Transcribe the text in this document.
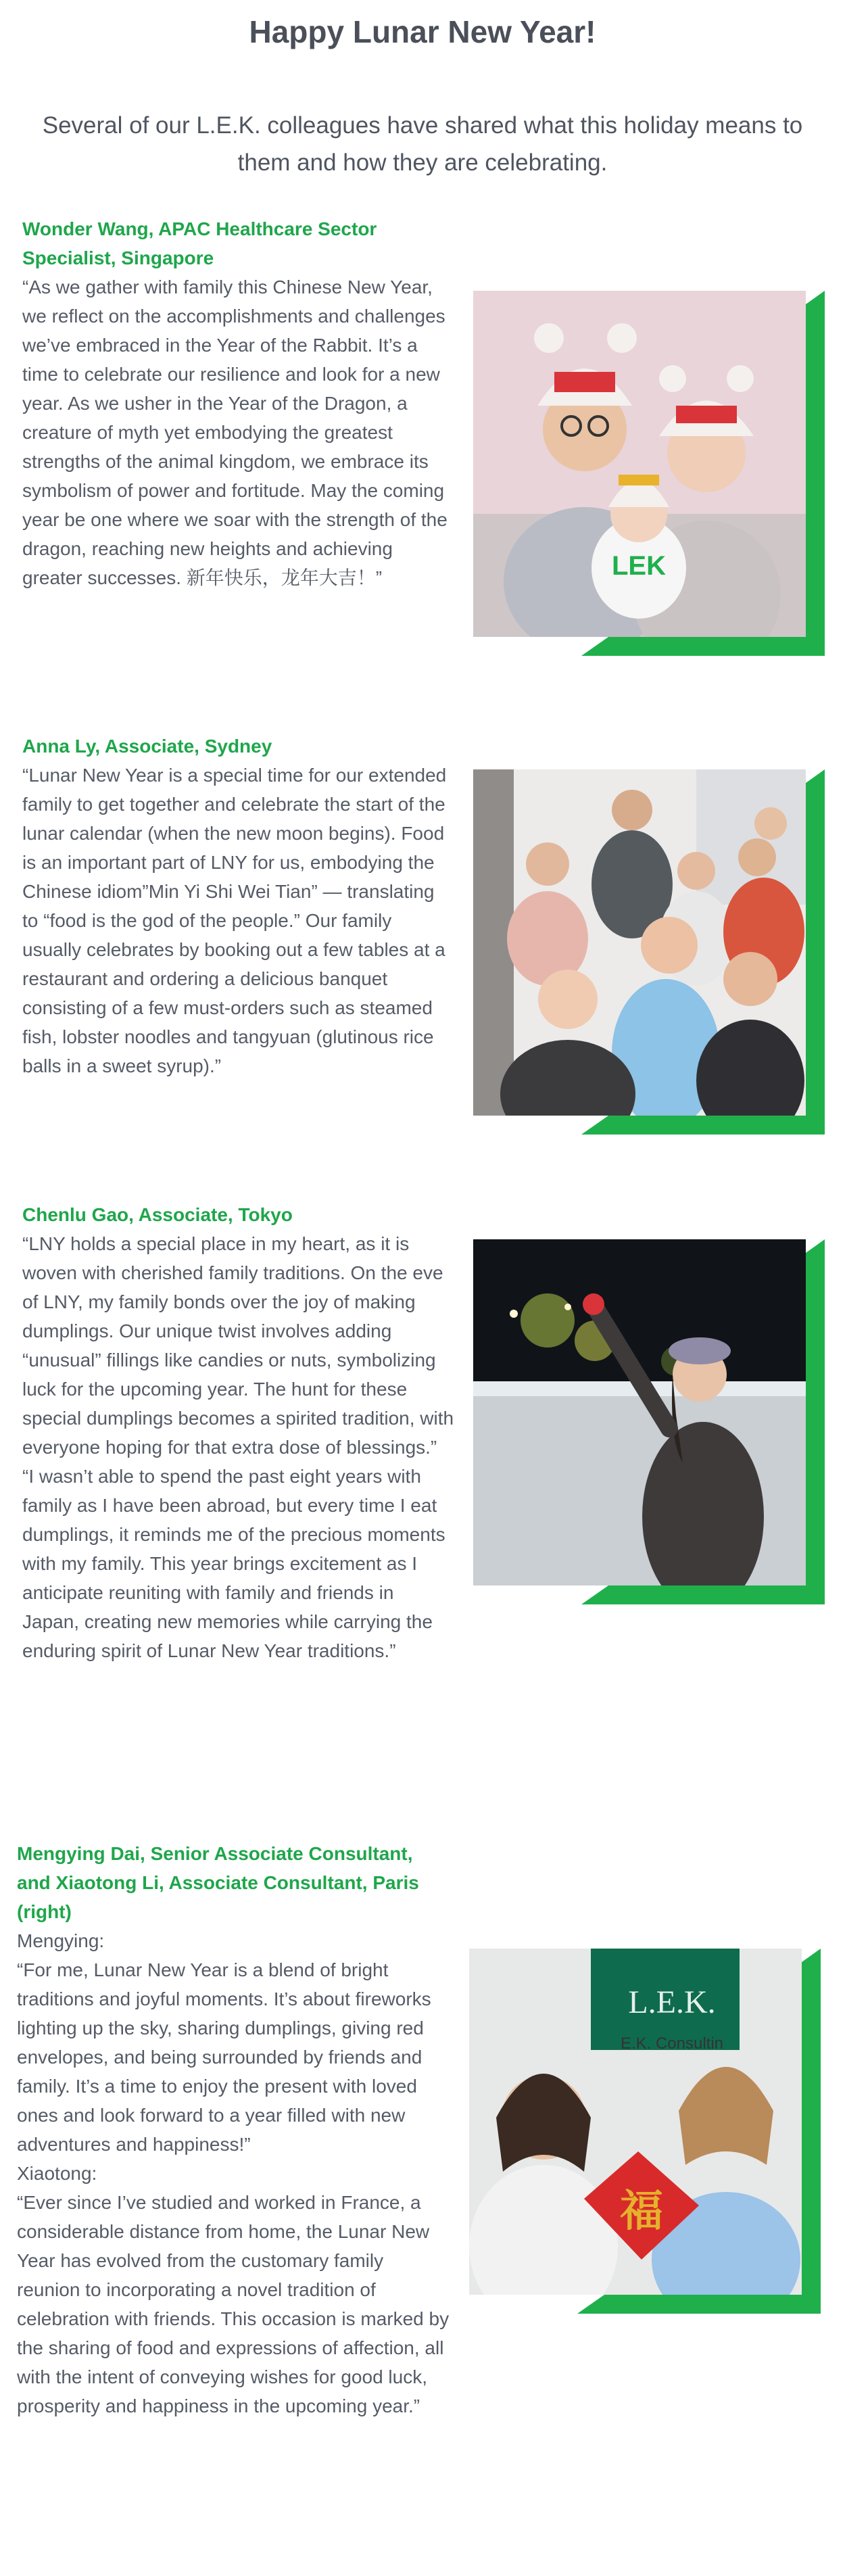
Happy Lunar New Year!
Several of our L.E.K. colleagues have shared what this holiday means to them and how they are celebrating.
Wonder Wang, APAC Healthcare Sector Specialist, Singapore

“As we gather with family this Chinese New Year, we reflect on the accomplishments and challenges we’ve embraced in the Year of the Rabbit. It’s a time to celebrate our resilience and look for a new year. As we usher in the Year of the Dragon, a creature of myth yet embodying the greatest strengths of the animal kingdom, we embrace its symbolism of power and fortitude. May the coming year be one where we soar with the strength of the dragon, reaching new heights and achieving greater successes. 新年快乐，龙年大吉！”	LEK
Anna Ly, Associate, Sydney

“Lunar New Year is a special time for our extended family to get together and celebrate the start of the lunar calendar (when the new moon begins). Food is an important part of LNY for us, embodying the Chinese idiom”Min Yi Shi Wei Tian” — translating to “food is the god of the people.” Our family usually celebrates by booking out a few tables at a restaurant and ordering a delicious banquet consisting of a few must-orders such as steamed fish, lobster noodles and tangyuan (glutinous rice balls in a sweet syrup).”

Chenlu Gao, Associate, Tokyo

“LNY holds a special place in my heart, as it is woven with cherished family traditions. On the eve of LNY, my family bonds over the joy of making dumplings. Our unique twist involves adding “unusual” fillings like candies or nuts, symbolizing luck for the upcoming year. The hunt for these special dumplings becomes a spirited tradition, with everyone hoping for that extra dose of blessings.”

“I wasn’t able to spend the past eight years with family as I have been abroad, but every time I eat dumplings, it reminds me of the precious moments with my family. This year brings excitement as I anticipate reuniting with family and friends in Japan, creating new memories while carrying the enduring spirit of Lunar New Year traditions.”

Mengying Dai, Senior Associate Consultant, and Xiaotong Li, Associate Consultant, Paris (right)

Mengying:

“For me, Lunar New Year is a blend of bright traditions and joyful moments. It’s about fireworks lighting up the sky, sharing dumplings, giving red envelopes, and being surrounded by friends and family. It’s a time to enjoy the present with loved ones and look forward to a year filled with new adventures and happiness!”

Xiaotong:

“Ever since I’ve studied and worked in France, a considerable distance from home, the Lunar New Year has evolved from the customary family reunion to incorporating a novel tradition of celebration with friends. This occasion is marked by the sharing of food and expressions of affection, all with the intent of conveying wishes for good luck, prosperity and happiness in the upcoming year.”

L.E.K.
E.K. Consultin
福
